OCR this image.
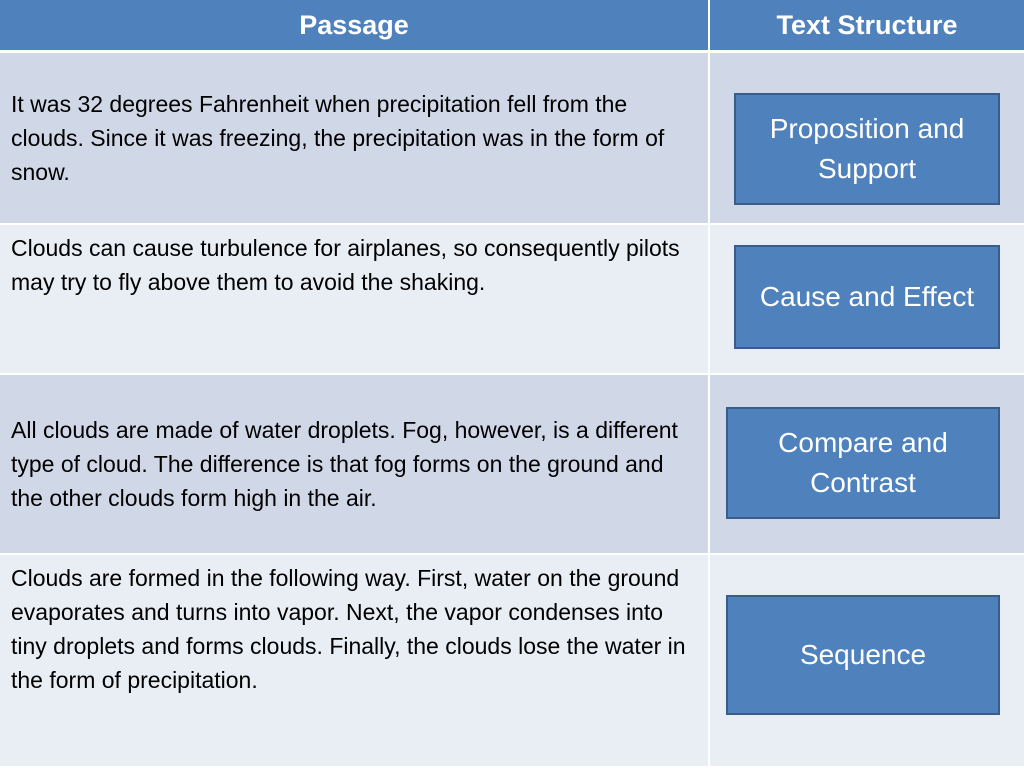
Passage	Text Structure

It was 32 degrees Fahrenheit when precipitation fell from the clouds. Since it was freezing, the precipitation was in the form of snow.	Proposition and Support

Clouds can cause turbulence for airplanes, so consequently pilots may try to fly above them to avoid the shaking.	Cause and Effect

All clouds are made of water droplets. Fog, however, is a different type of cloud. The difference is that fog forms on the ground and the other clouds form high in the air.	Compare and Contrast

Clouds are formed in the following way. First, water on the ground evaporates and turns into vapor. Next, the vapor condenses into tiny droplets and forms clouds. Finally, the clouds lose the water in the form of precipitation.	Sequence
